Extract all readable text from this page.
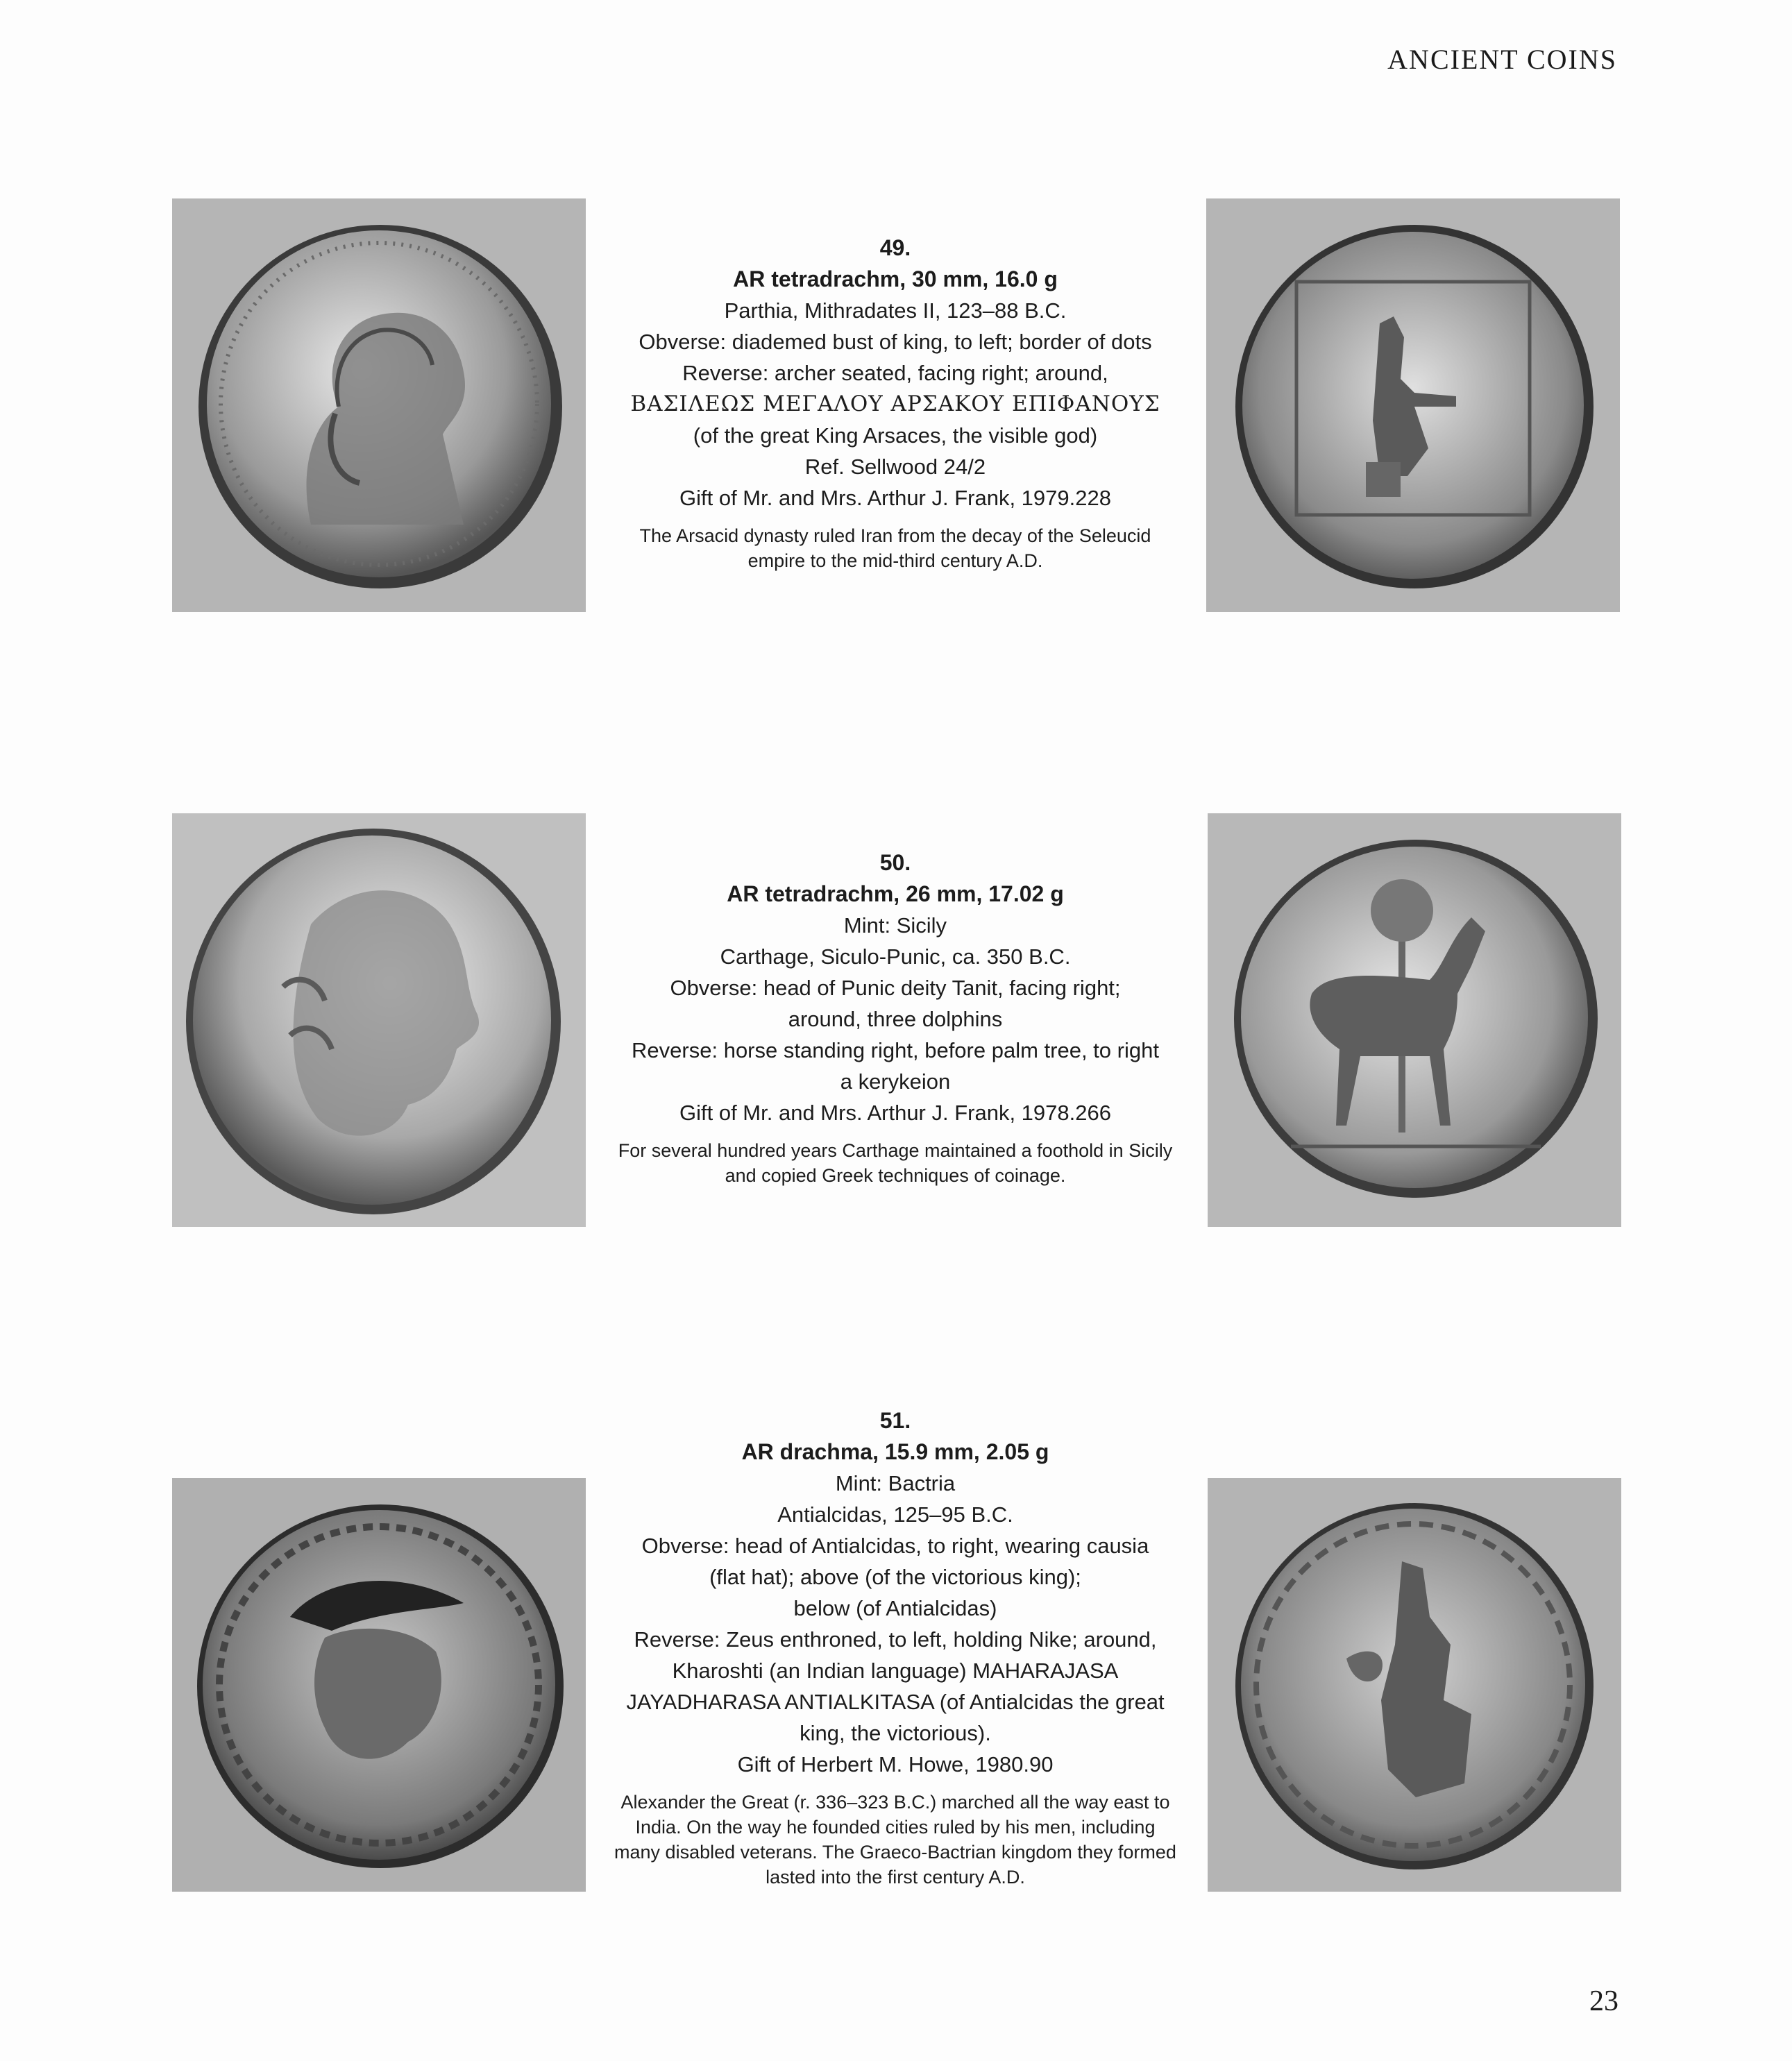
ANCIENT COINS
49.
AR tetradrachm, 30 mm, 16.0 g
Parthia, Mithradates II, 123–88 B.C.
Obverse: diademed bust of king, to left; border of dots
Reverse: archer seated, facing right; around,
ΒΑΣΙΛΕΩΣ ΜΕΓΑΛΟΥ ΑΡΣΑΚΟΥ ΕΠΙΦΑΝΟΥΣ
(of the great King Arsaces, the visible god)
Ref. Sellwood 24/2
Gift of Mr. and Mrs. Arthur J. Frank, 1979.228
The Arsacid dynasty ruled Iran from the decay of the Seleucid empire to the mid-third century A.D.
50.
AR tetradrachm, 26 mm, 17.02 g
Mint: Sicily
Carthage, Siculo-Punic, ca. 350 B.C.
Obverse: head of Punic deity Tanit, facing right;
around, three dolphins
Reverse: horse standing right, before palm tree, to right
a kerykeion
Gift of Mr. and Mrs. Arthur J. Frank, 1978.266
For several hundred years Carthage maintained a foothold in Sicily and copied Greek techniques of coinage.
51.
AR drachma, 15.9 mm, 2.05 g
Mint: Bactria
Antialcidas, 125–95 B.C.
Obverse: head of Antialcidas, to right, wearing causia
(flat hat); above (of the victorious king);
below (of Antialcidas)
Reverse: Zeus enthroned, to left, holding Nike; around,
Kharoshti (an Indian language) MAHARAJASA
JAYADHARASA ANTIALKITASA (of Antialcidas the great
king, the victorious).
Gift of Herbert M. Howe, 1980.90
Alexander the Great (r. 336–323 B.C.) marched all the way east to India. On the way he founded cities ruled by his men, including many disabled veterans. The Graeco-Bactrian kingdom they formed lasted into the first century A.D.
23
